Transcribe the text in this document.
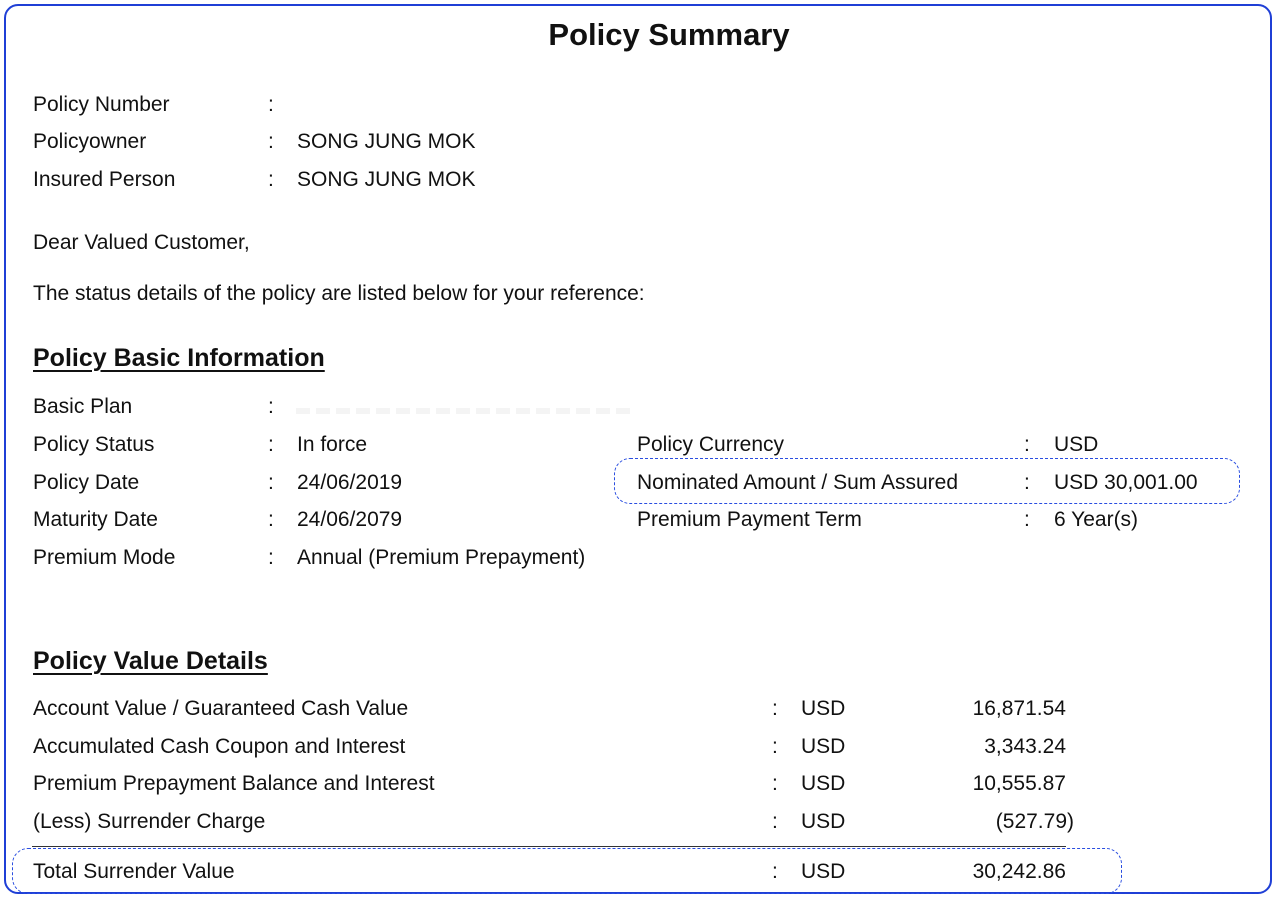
Policy Summary
Policy Number	:
Policyowner	: SONG JUNG MOK
Insured Person	: SONG JUNG MOK
Dear Valued Customer,
The status details of the policy are listed below for your reference:
Policy Basic Information
Basic Plan	:
Policy Status	: In force
Policy Date	: 24/06/2019
Maturity Date	: 24/06/2079
Premium Mode	: Annual (Premium Prepayment)
Policy Currency	: USD
Nominated Amount / Sum Assured	: USD 30,001.00
Premium Payment Term	: 6 Year(s)
Policy Value Details
Account Value / Guaranteed Cash Value	: USD	16,871.54
Accumulated Cash Coupon and Interest	: USD	3,343.24
Premium Prepayment Balance and Interest	: USD	10,555.87
(Less) Surrender Charge	: USD	(527.79)
Total Surrender Value	: USD	30,242.86
